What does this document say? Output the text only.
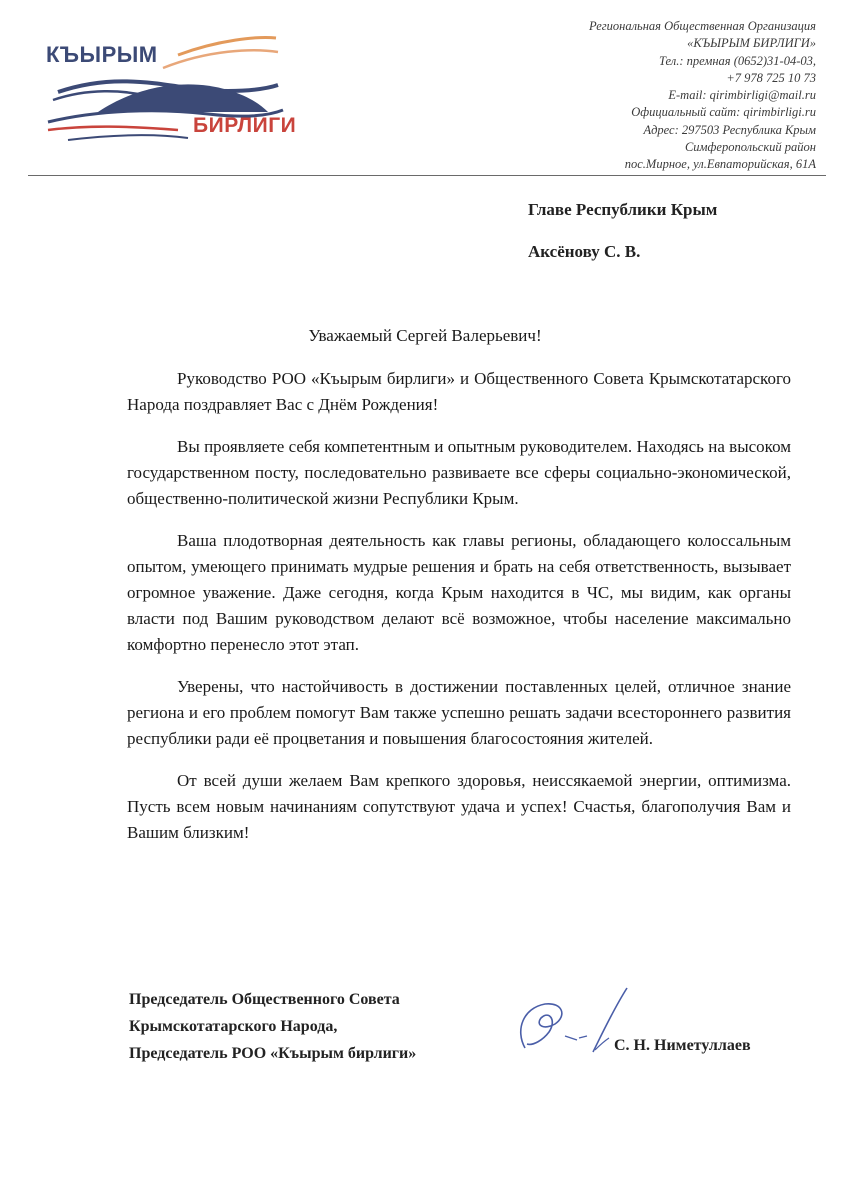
КЪЫРЫМ
БИРЛИГИ
Региональная Общественная Организация
«КЪЫРЫМ БИРЛИГИ»
Тел.: премная (0652)31-04-03,
+7 978 725 10 73
E-mail: qirimbirligi@mail.ru
Официальный сайт: qirimbirligi.ru
Адрес: 297503 Республика Крым
Симферопольский район
пос.Мирное, ул.Евпаторийская, 61А
Главе Республики Крым
Аксёнову С. В.
Уважаемый Сергей Валерьевич!

Руководство РОО «Къырым бирлиги» и Общественного Совета Крымскотатарского Народа поздравляет Вас с Днём Рождения!

Вы проявляете себя компетентным и опытным руководителем. Находясь на высоком государственном посту, последовательно развиваете все сферы социально-экономической, общественно-политической жизни Республики Крым.

Ваша плодотворная деятельность как главы регионы, обладающего колоссальным опытом, умеющего принимать мудрые решения и брать на себя ответственность, вызывает огромное уважение. Даже сегодня, когда Крым находится в ЧС, мы видим, как органы власти под Вашим руководством делают всё возможное, чтобы население максимально комфортно перенесло этот этап.

Уверены, что настойчивость в достижении поставленных целей, отличное знание региона и его проблем помогут Вам также успешно решать задачи всестороннего развития республики ради её процветания и повышения благосостояния жителей.

От всей души желаем Вам крепкого здоровья, неиссякаемой энергии, оптимизма. Пусть всем новым начинаниям сопутствуют удача и успех! Счастья, благополучия Вам и Вашим близким!

Председатель Общественного Совета
Крымскотатарского Народа,
Председатель РОО «Къырым бирлиги»	С. Н. Ниметуллаев
